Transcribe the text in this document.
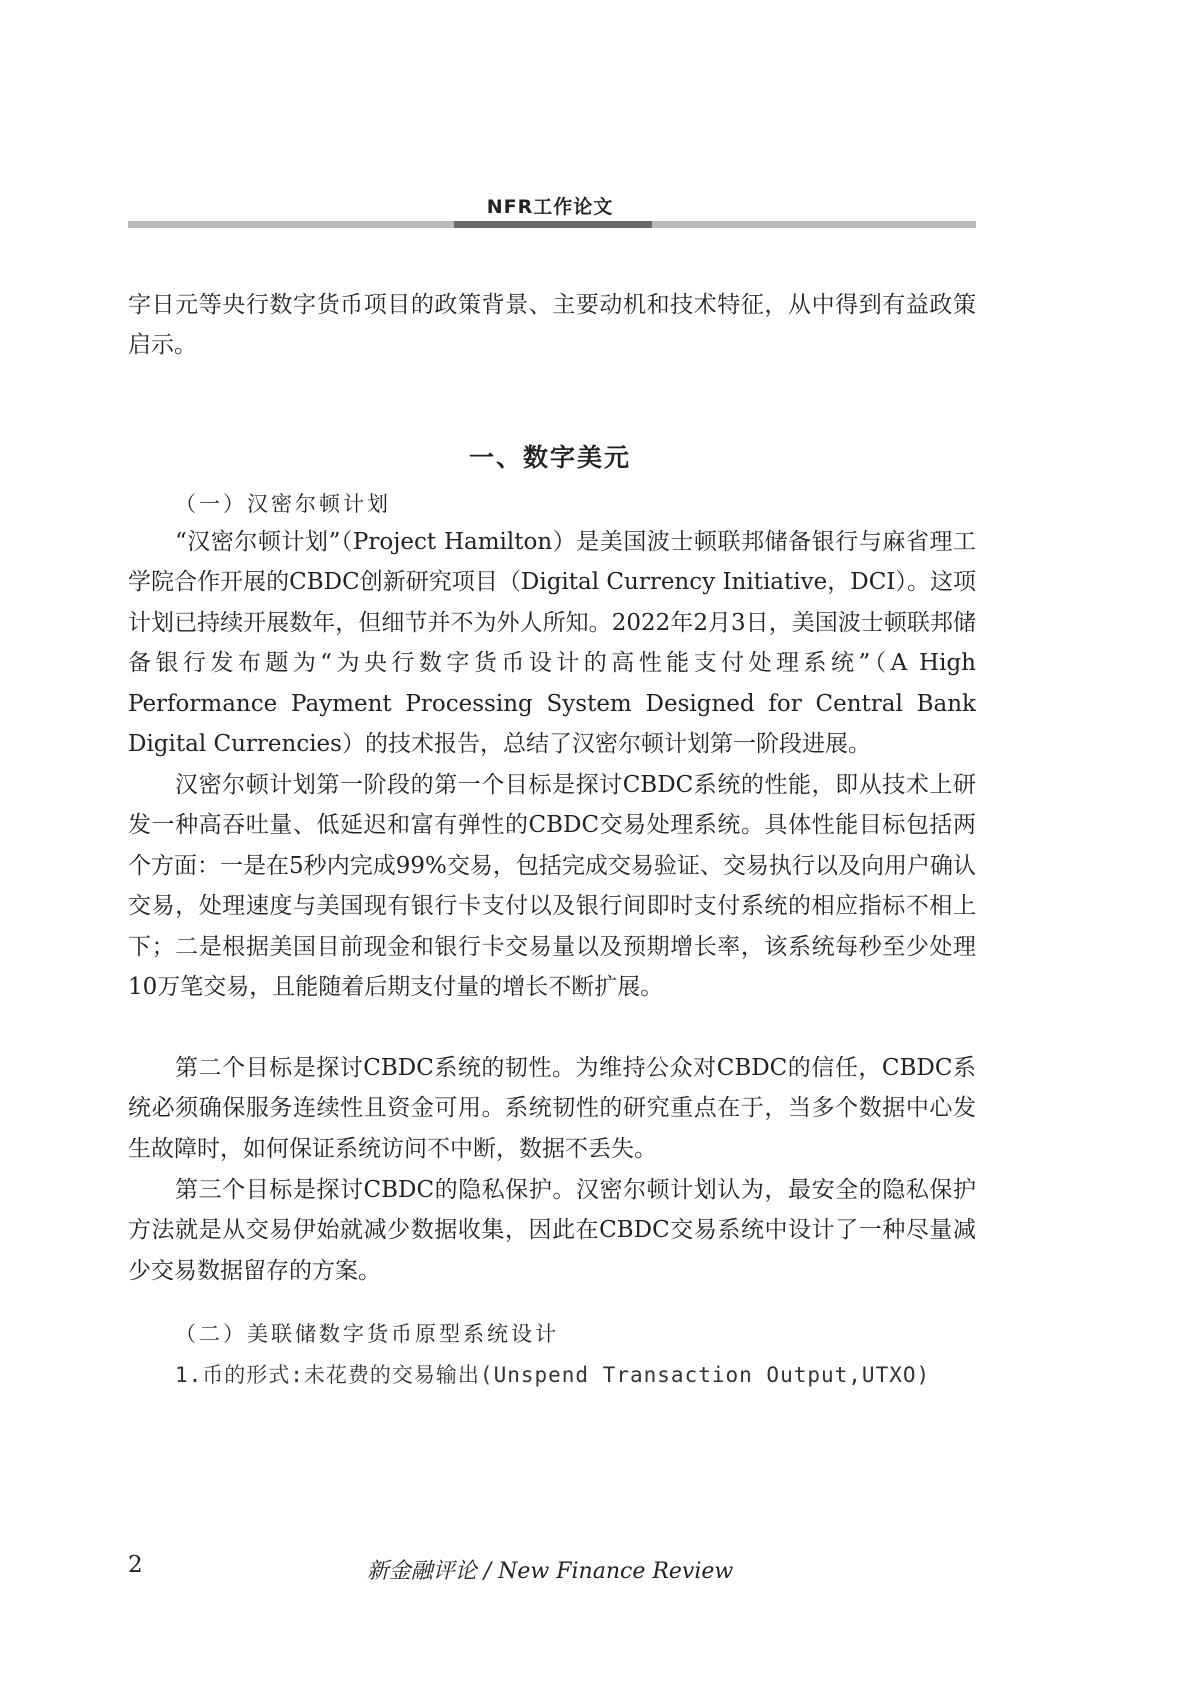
NFR工作论文

字日元等央行数字货币项目的政策背景、主要动机和技术特征，从中得到有益政策启示。

一、数字美元

（一）汉密尔顿计划

“汉密尔顿计划”（Project Hamilton）是美国波士顿联邦储备银行与麻省理工学院合作开展的CBDC创新研究项目（Digital Currency Initiative，DCI）。这项计划已持续开展数年，但细节并不为外人所知。2022年2月3日，美国波士顿联邦储备银行发布题为“为央行数字货币设计的高性能支付处理系统”（A High Performance Payment Processing System Designed for Central Bank Digital Currencies）的技术报告，总结了汉密尔顿计划第一阶段进展。

汉密尔顿计划第一阶段的第一个目标是探讨CBDC系统的性能，即从技术上研发一种高吞吐量、低延迟和富有弹性的CBDC交易处理系统。具体性能目标包括两个方面：一是在5秒内完成99%交易，包括完成交易验证、交易执行以及向用户确认交易，处理速度与美国现有银行卡支付以及银行间即时支付系统的相应指标不相上下；二是根据美国目前现金和银行卡交易量以及预期增长率，该系统每秒至少处理10万笔交易，且能随着后期支付量的增长不断扩展。

第二个目标是探讨CBDC系统的韧性。为维持公众对CBDC的信任，CBDC系统必须确保服务连续性且资金可用。系统韧性的研究重点在于，当多个数据中心发生故障时，如何保证系统访问不中断，数据不丢失。

第三个目标是探讨CBDC的隐私保护。汉密尔顿计划认为，最安全的隐私保护方法就是从交易伊始就减少数据收集，因此在CBDC交易系统中设计了一种尽量减少交易数据留存的方案。

（二）美联储数字货币原型系统设计

1.币的形式:未花费的交易输出(Unspend Transaction Output,UTXO)
2	新金融评论 / New Finance Review
